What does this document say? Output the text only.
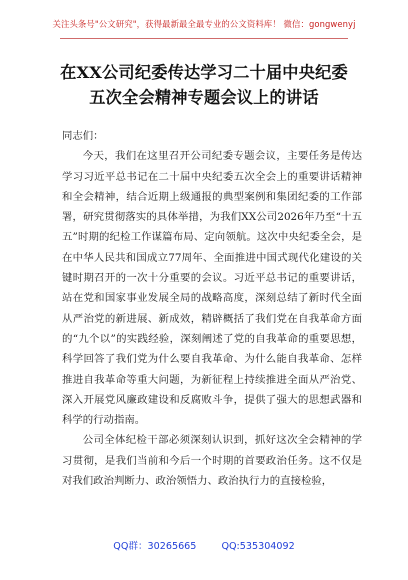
关注头条号"公文研究"，获得最新最全最专业的公文资料库！ 微信：gongwenyj
在XX公司纪委传达学习二十届中央纪委
五次全会精神专题会议上的讲话

同志们：

今天，我们在这里召开公司纪委专题会议，主要任务是传达学习习近平总书记在二十届中央纪委五次全会上的重要讲话精神和全会精神，结合近期上级通报的典型案例和集团纪委的工作部署，研究贯彻落实的具体举措，为我们XX公司2026年乃至“十五五”时期的纪检工作谋篇布局、定向领航。这次中央纪委全会，是在中华人民共和国成立77周年、全面推进中国式现代化建设的关键时期召开的一次十分重要的会议。习近平总书记的重要讲话，站在党和国家事业发展全局的战略高度，深刻总结了新时代全面从严治党的新进展、新成效，精辟概括了我们党在自我革命方面的“九个以”的实践经验，深刻阐述了党的自我革命的重要思想，科学回答了我们党为什么要自我革命、为什么能自我革命、怎样推进自我革命等重大问题，为新征程上持续推进全面从严治党、深入开展党风廉政建设和反腐败斗争，提供了强大的思想武器和科学的行动指南。

公司全体纪检干部必须深刻认识到，抓好这次全会精神的学习贯彻，是我们当前和今后一个时期的首要政治任务。这不仅是对我们政治判断力、政治领悟力、政治执行力的直接检验，

QQ群：30265665	QQ:535304092
